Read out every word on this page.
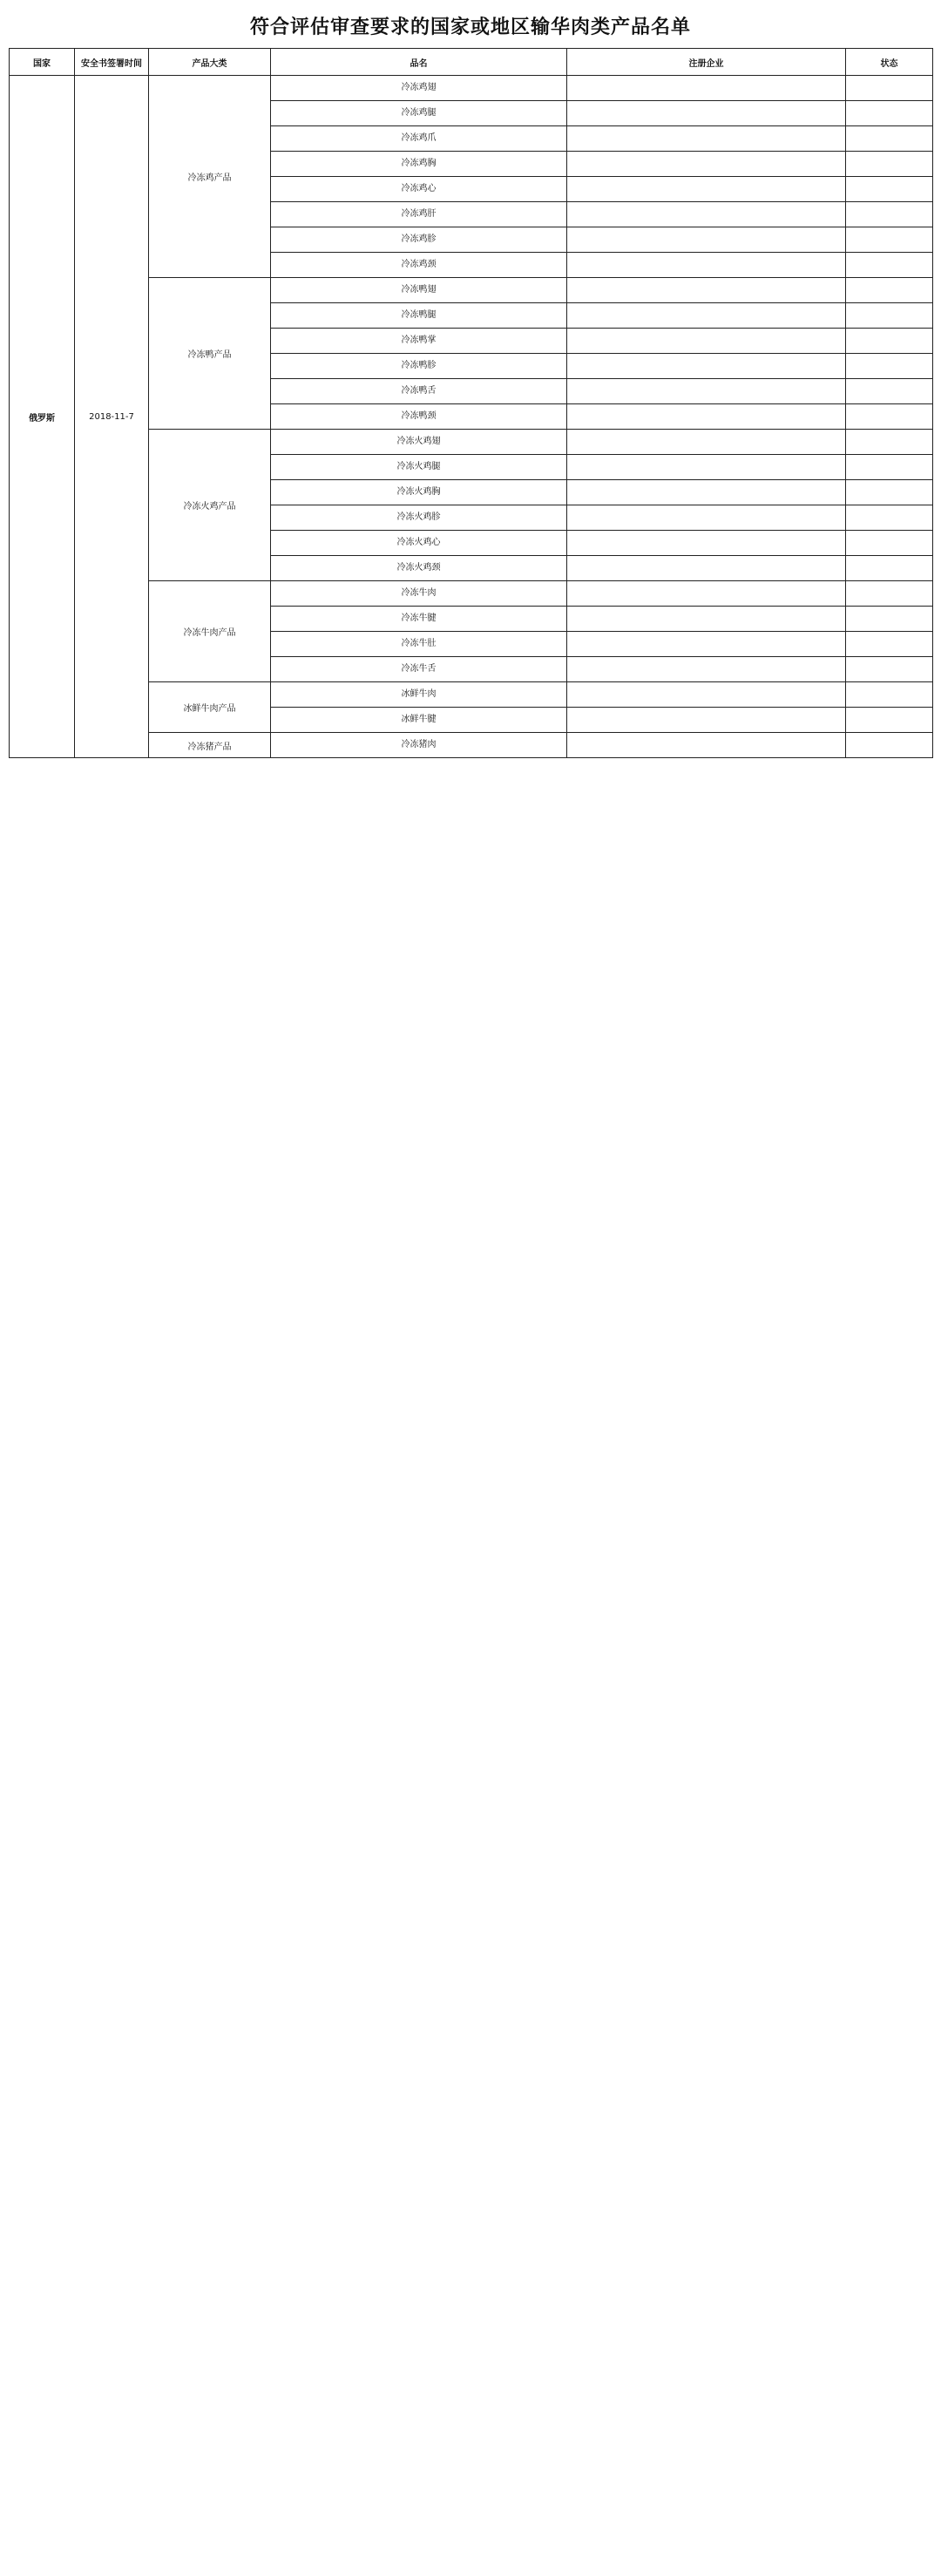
符合评估审查要求的国家或地区输华肉类产品名单
国家	安全书签署时间	产品大类	品名	注册企业	状态
俄罗斯	2018-11-7	冷冻鸡产品	冷冻鸡翅		
			冷冻鸡腿		
			冷冻鸡爪		
			冷冻鸡胸		
			冷冻鸡心		
			冷冻鸡肝		
			冷冻鸡胗		
			冷冻鸡颈		
		冷冻鸭产品	冷冻鸭翅		
			冷冻鸭腿		
			冷冻鸭掌		
			冷冻鸭胗		
			冷冻鸭舌		
			冷冻鸭颈		
		冷冻火鸡产品	冷冻火鸡翅		
			冷冻火鸡腿		
			冷冻火鸡胸		
			冷冻火鸡胗		
			冷冻火鸡心		
			冷冻火鸡颈		
		冷冻牛肉产品	冷冻牛肉		
			冷冻牛腱		
			冷冻牛肚		
			冷冻牛舌		
		冰鲜牛肉产品	冰鲜牛肉		
			冰鲜牛腱		
		冷冻猪产品	冷冻猪肉		
